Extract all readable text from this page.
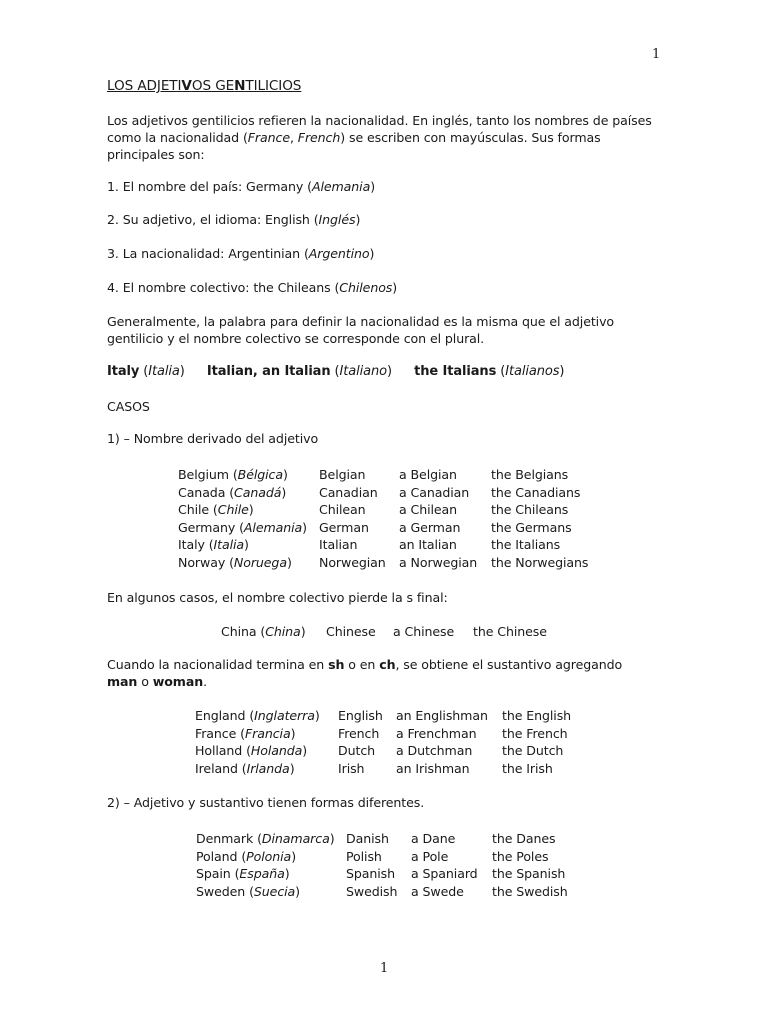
1
LOS ADJETIVOS GENTILICIOS
Los adjetivos gentilicios refieren la nacionalidad. En inglés, tanto los nombres de países
como la nacionalidad (France, French) se escriben con mayúsculas. Sus formas
principales son:
1. El nombre del país: Germany (Alemania)
2. Su adjetivo, el idioma: English (Inglés)
3. La nacionalidad: Argentinian (Argentino)
4. El nombre colectivo: the Chileans (Chilenos)
Generalmente, la palabra para definir la nacionalidad es la misma que el adjetivo
gentilicio y el nombre colectivo se corresponde con el plural.
Italy (Italia) Italian, an Italian (Italiano) the Italians (Italianos)
CASOS
1) – Nombre derivado del adjetivo
Belgium (Bélgica)	Belgian	a Belgian	the Belgians
Canada (Canadá)	Canadian	a Canadian	the Canadians
Chile (Chile)	Chilean	a Chilean	the Chileans
Germany (Alemania) German	a German	the Germans
Italy (Italia)	Italian	an Italian	the Italians
Norway (Noruega)	Norwegian	a Norwegian	the Norwegians
En algunos casos, el nombre colectivo pierde la s final:
China (China) Chinese a Chinese the Chinese
Cuando la nacionalidad termina en sh o en ch, se obtiene el sustantivo agregando
man o woman.
England (Inglaterra)	English	an Englishman	the English
France (Francia)	French	a Frenchman	the French
Holland (Holanda)	Dutch	a Dutchman	the Dutch
Ireland (Irlanda)	Irish	an Irishman	the Irish
2) – Adjetivo y sustantivo tienen formas diferentes.
Denmark (Dinamarca) Danish	a Dane	the Danes
Poland (Polonia)	Polish	a Pole	the Poles
Spain (España)	Spanish	a Spaniard	the Spanish
Sweden (Suecia)	Swedish	a Swede	the Swedish
1
